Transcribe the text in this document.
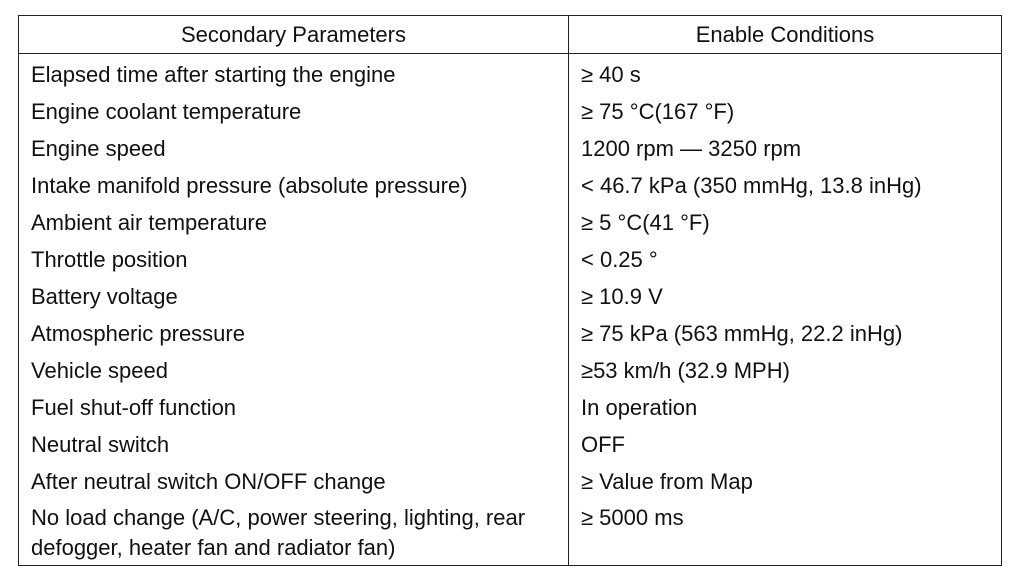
Secondary Parameters	Enable Conditions
Elapsed time after starting the engine	≥ 40 s
Engine coolant temperature	≥ 75 °C(167 °F)
Engine speed	1200 rpm — 3250 rpm
Intake manifold pressure (absolute pressure)	< 46.7 kPa (350 mmHg, 13.8 inHg)
Ambient air temperature	≥ 5 °C(41 °F)
Throttle position	< 0.25 °
Battery voltage	≥ 10.9 V
Atmospheric pressure	≥ 75 kPa (563 mmHg, 22.2 inHg)
Vehicle speed	≥53 km/h (32.9 MPH)
Fuel shut-off function	In operation
Neutral switch	OFF
After neutral switch ON/OFF change	≥ Value from Map
No load change (A/C, power steering, lighting, rear defogger, heater fan and radiator fan)	≥ 5000 ms
